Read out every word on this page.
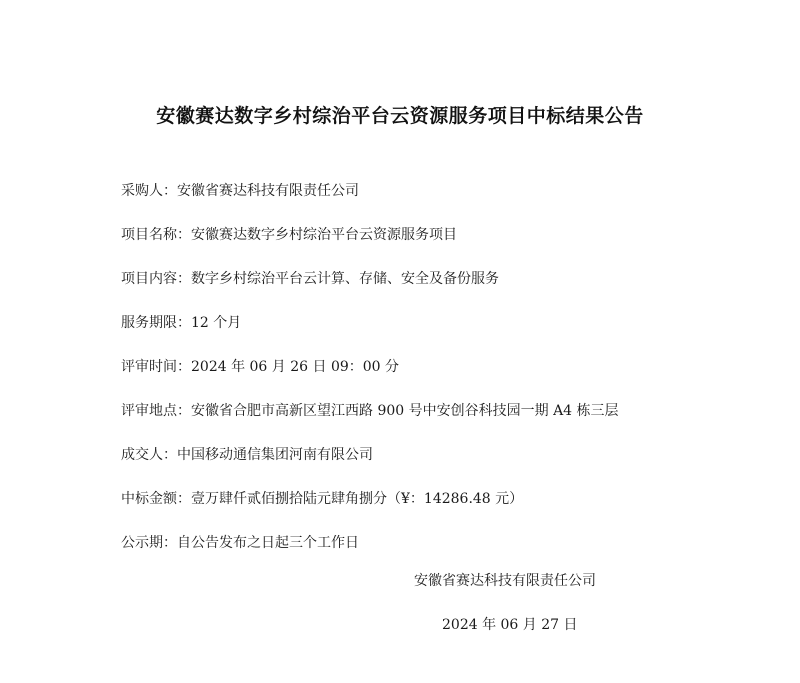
安徽赛达数字乡村综治平台云资源服务项目中标结果公告
采购人：安徽省赛达科技有限责任公司
项目名称：安徽赛达数字乡村综治平台云资源服务项目
项目内容：数字乡村综治平台云计算、存储、安全及备份服务
服务期限：12 个月
评审时间：2024 年 06 月 26 日 09：00 分
评审地点：安徽省合肥市高新区望江西路 900 号中安创谷科技园一期 A4 栋三层
成交人：中国移动通信集团河南有限公司
中标金额：壹万肆仟贰佰捌拾陆元肆角捌分（¥：14286.48 元）
公示期：自公告发布之日起三个工作日
安徽省赛达科技有限责任公司
2024 年 06 月 27 日
